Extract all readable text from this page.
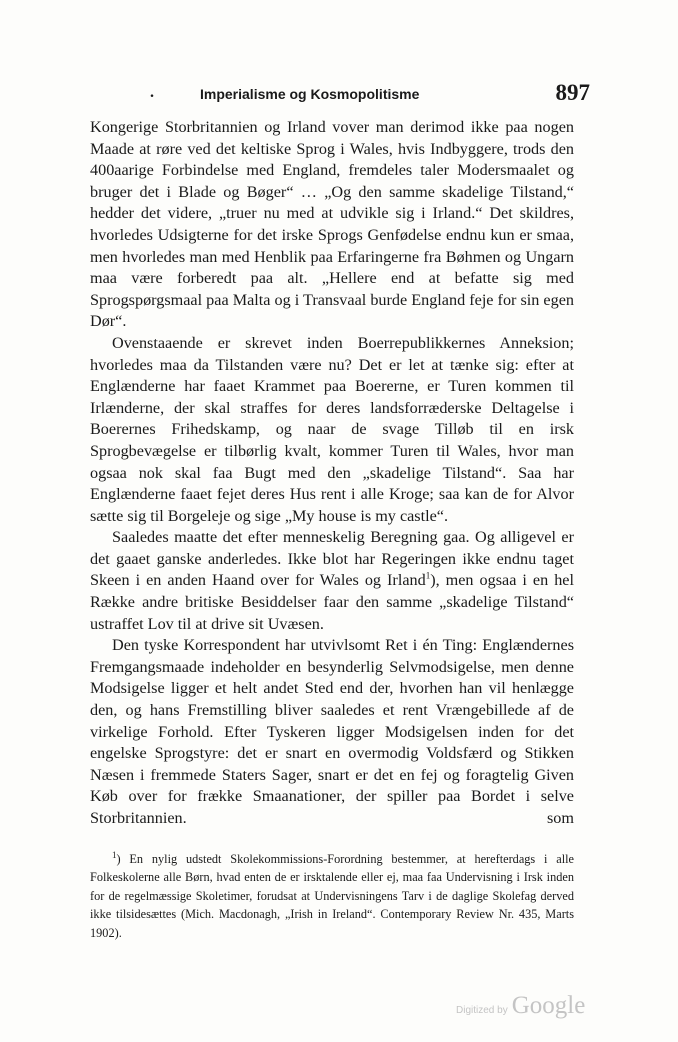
.	Imperialisme og Kosmopolitisme	897

Kongerige Storbritannien og Irland vover man derimod ikke paa nogen Maade at røre ved det keltiske Sprog i Wales, hvis Indbyggere, trods den 400aarige Forbindelse med England, fremdeles taler Modersmaalet og bruger det i Blade og Bøger“ … „Og den samme skadelige Tilstand,“ hedder det videre, „truer nu med at udvikle sig i Irland.“ Det skildres, hvorledes Udsigterne for det irske Sprogs Genfødelse endnu kun er smaa, men hvorledes man med Henblik paa Erfaringerne fra Bøhmen og Ungarn maa være forberedt paa alt. „Hellere end at befatte sig med Sprogspørgsmaal paa Malta og i Transvaal burde England feje for sin egen Dør“.

Ovenstaaende er skrevet inden Boerrepublikkernes Anneksion; hvorledes maa da Tilstanden være nu? Det er let at tænke sig: efter at Englænderne har faaet Krammet paa Boererne, er Turen kommen til Irlænderne, der skal straffes for deres landsforræderske Deltagelse i Boerernes Frihedskamp, og naar de svage Tilløb til en irsk Sprogbevægelse er tilbørlig kvalt, kommer Turen til Wales, hvor man ogsaa nok skal faa Bugt med den „skadelige Tilstand“. Saa har Englænderne faaet fejet deres Hus rent i alle Kroge; saa kan de for Alvor sætte sig til Borgeleje og sige „My house is my castle“.

Saaledes maatte det efter menneskelig Beregning gaa. Og alligevel er det gaaet ganske anderledes. Ikke blot har Regeringen ikke endnu taget Skeen i en anden Haand over for Wales og Irland$^1$), men ogsaa i en hel Række andre britiske Besiddelser faar den samme „skadelige Tilstand“ ustraffet Lov til at drive sit Uvæsen.

Den tyske Korrespondent har utvivlsomt Ret i én Ting: Englændernes Fremgangsmaade indeholder en besynderlig Selvmodsigelse, men denne Modsigelse ligger et helt andet Sted end der, hvorhen han vil henlægge den, og hans Fremstilling bliver saaledes et rent Vrængebillede af de virkelige Forhold. Efter Tyskeren ligger Modsigelsen inden for det engelske Sprogstyre: det er snart en overmodig Voldsfærd og Stikken Næsen i fremmede Staters Sager, snart er det en fej og foragtelig Given Køb over for frække Smaanationer, der spiller paa Bordet i selve Storbritannien. som

$^1$) En nylig udstedt Skolekommissions-Forordning bestemmer, at herefterdags i alle Folkeskolerne alle Børn, hvad enten de er irsktalende eller ej, maa faa Undervisning i Irsk inden for de regelmæssige Skoletimer, forudsat at Undervisningens Tarv i de daglige Skolefag derved ikke tilsidesættes (Mich. Macdonagh, „Irish in Ireland“. Contemporary Review Nr. 435, Marts 1902).

Digitized by Google
